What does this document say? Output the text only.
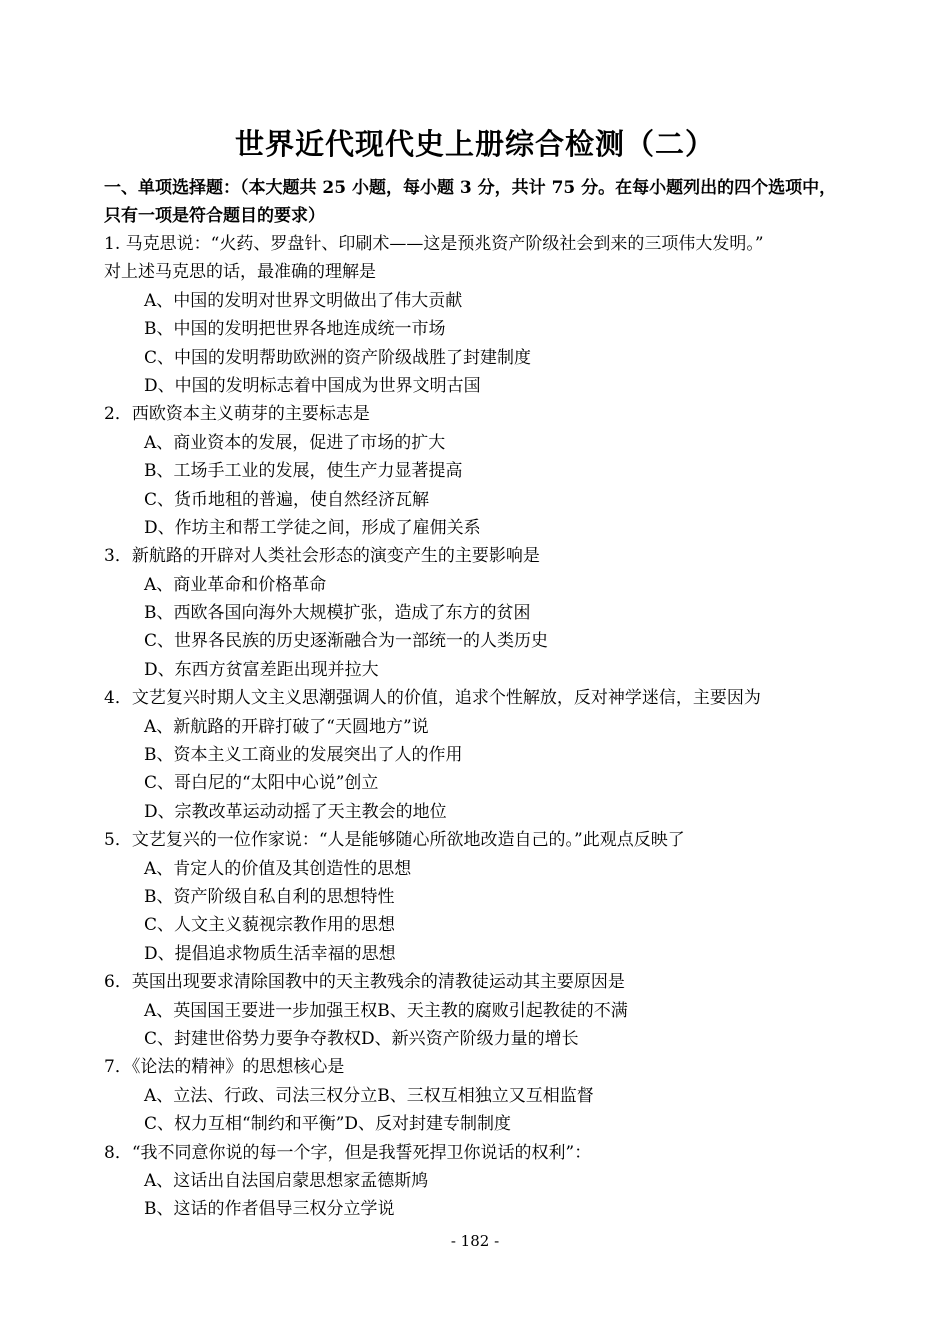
世界近代现代史上册综合检测（二）
一、单项选择题：（本大题共 25 小题，每小题 3 分，共计 75 分。在每小题列出的四个选项中，
只有一项是符合题目的要求）
1. 马克思说：“火药、罗盘针、印刷术——这是预兆资产阶级社会到来的三项伟大发明。”
对上述马克思的话，最准确的理解是
A、中国的发明对世界文明做出了伟大贡献
B、中国的发明把世界各地连成统一市场
C、中国的发明帮助欧洲的资产阶级战胜了封建制度
D、中国的发明标志着中国成为世界文明古国
2．西欧资本主义萌芽的主要标志是
A、商业资本的发展，促进了市场的扩大
B、工场手工业的发展，使生产力显著提高
C、货币地租的普遍，使自然经济瓦解
D、作坊主和帮工学徒之间，形成了雇佣关系
3．新航路的开辟对人类社会形态的演变产生的主要影响是
A、商业革命和价格革命
B、西欧各国向海外大规模扩张，造成了东方的贫困
C、世界各民族的历史逐渐融合为一部统一的人类历史
D、东西方贫富差距出现并拉大
4．文艺复兴时期人文主义思潮强调人的价值，追求个性解放，反对神学迷信，主要因为
A、新航路的开辟打破了“天圆地方”说
B、资本主义工商业的发展突出了人的作用
C、哥白尼的“太阳中心说”创立
D、宗教改革运动动摇了天主教会的地位
5．文艺复兴的一位作家说：“人是能够随心所欲地改造自己的。”此观点反映了
A、肯定人的价值及其创造性的思想
B、资产阶级自私自利的思想特性
C、人文主义藐视宗教作用的思想
D、提倡追求物质生活幸福的思想
6．英国出现要求清除国教中的天主教残余的清教徒运动其主要原因是
A、英国国王要进一步加强王权B、天主教的腐败引起教徒的不满
C、封建世俗势力要争夺教权D、新兴资产阶级力量的增长
7．《论法的精神》的思想核心是
A、立法、行政、司法三权分立B、三权互相独立又互相监督
C、权力互相“制约和平衡”D、反对封建专制制度
8．“我不同意你说的每一个字，但是我誓死捍卫你说话的权利”：
A、这话出自法国启蒙思想家孟德斯鸠
B、这话的作者倡导三权分立学说
- 182 -
